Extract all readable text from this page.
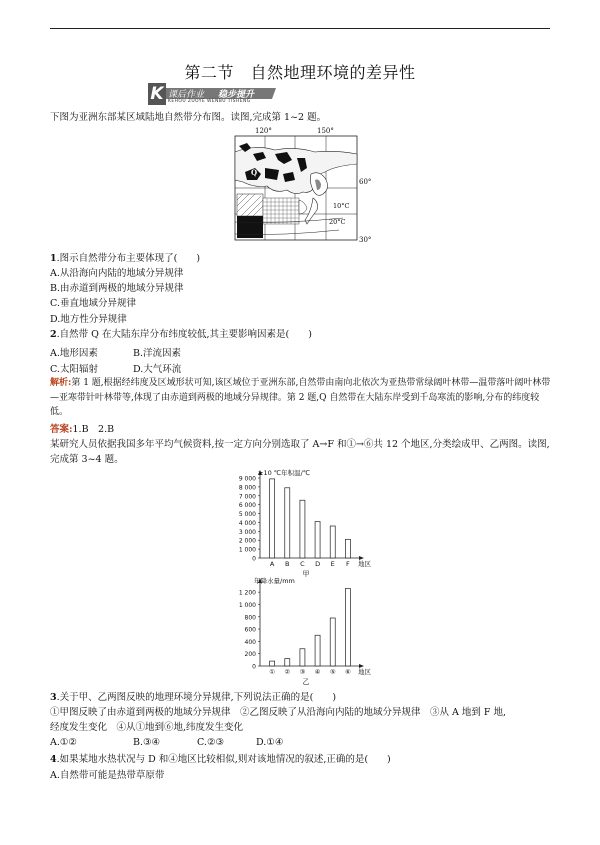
第二节　自然地理环境的差异性
K 课后作业 稳步提升
KEHOU ZUOYE WENBU TISHENG
下图为亚洲东部某区域陆地自然带分布图。读图,完成第 1~2 题。
120°	150°
60°
30°
10°C
20°C
Q
1.图示自然带分布主要体现了(　　)
A.从沿海向内陆的地域分异规律
B.由赤道到两极的地域分异规律
C.垂直地域分异规律
D.地方性分异规律
2.自然带 Q 在大陆东岸分布纬度较低,其主要影响因素是(　　)
A.地形因素	B.洋流因素
C.太阳辐射	D.大气环流
解析:第 1 题,根据经纬度及区域形状可知,该区域位于亚洲东部,自然带由南向北依次为亚热带常绿阔叶林带—温带落叶阔叶林带—亚寒带针叶林带等,体现了由赤道到两极的地域分异规律。第 2 题,Q 自然带在大陆东岸受到千岛寒流的影响,分布的纬度较低。
答案:1.B　2.B
某研究人员依据我国多年平均气候资料,按一定方向分别选取了 A→F 和①→⑥共 12 个地区,分类绘成甲、乙两图。读图,完成第 3~4 题。
9 000
8 000
7 000
6 000
5 000
4 000
3 000
2 000
1 000
0
≥10 ℃年积温/℃
A B C D E F 地区
甲
1 200
1 000
800
600
400
200
0
年降水量/mm
① ② ③ ④ ⑤ ⑥ 地区
乙
3.关于甲、乙两图反映的地理环境分异规律,下列说法正确的是(　　)
①甲图反映了由赤道到两极的地域分异规律　②乙图反映了从沿海向内陆的地域分异规律　③从 A 地到 F 地,
经度发生变化　④从①地到⑥地,纬度发生变化
A.①②	B.③④	C.②③	D.①④
4.如果某地水热状况与 D 和④地区比较相似,则对该地情况的叙述,正确的是(　　)
A.自然带可能是热带草原带
